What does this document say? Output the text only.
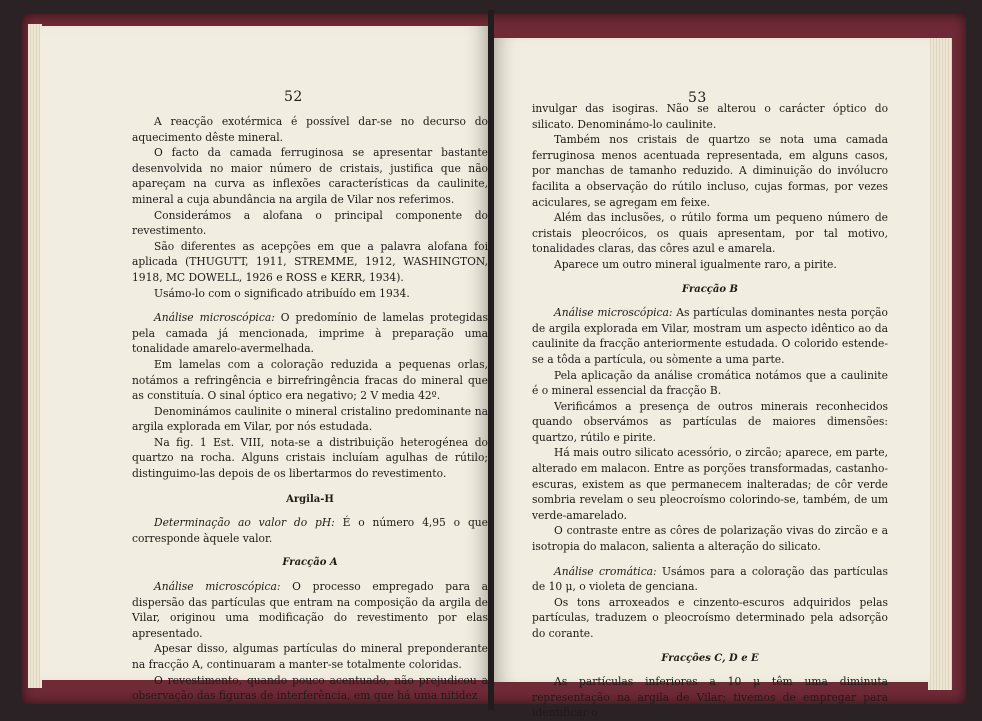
52

A reacção exotérmica é possível dar-se no decurso do aquecimento dêste mineral.

O facto da camada ferruginosa se apresentar bastante desenvolvida no maior número de cristais, justifica que não apareçam na curva as inflexões características da caulinite, mineral a cuja abundância na argila de Vilar nos referimos.

Considerámos a alofana o principal componente do revestimento.

São diferentes as acepções em que a palavra alofana foi aplicada (THUGUTT, 1911, STREMME, 1912, WASHINGTON, 1918, MC DOWELL, 1926 e ROSS e KERR, 1934).

Usámo-lo com o significado atribuído em 1934.

Análise microscópica: O predomínio de lamelas protegidas pela camada já mencionada, imprime à preparação uma tonalidade amarelo-avermelhada.

Em lamelas com a coloração reduzida a pequenas orlas, notámos a refringência e birrefringência fracas do mineral que as constituía. O sinal óptico era negativo; 2 V media 42º.

Denominámos caulinite o mineral cristalino predominante na argila explorada em Vilar, por nós estudada.

Na fig. 1 Est. VIII, nota-se a distribuição heterogénea do quartzo na rocha. Alguns cristais incluíam agulhas de rútilo; distinguimo-las depois de os libertarmos do revestimento.

Argila-H

Determinação ao valor do pH: É o número 4,95 o que corresponde àquele valor.

Fracção A

Análise microscópica: O processo empregado para a dispersão das partículas que entram na composição da argila de Vilar, originou uma modificação do revestimento por elas apresentado.

Apesar disso, algumas partículas do mineral preponderante na fracção A, continuaram a manter-se totalmente coloridas.

O revestimento, quando pouco acentuado, não prejudicou a observação das figuras de interferência, em que há uma nitidez

53

invulgar das isogiras. Não se alterou o carácter óptico do silicato. Denominámo-lo caulinite.

Também nos cristais de quartzo se nota uma camada ferruginosa menos acentuada representada, em alguns casos, por manchas de tamanho reduzido. A diminuição do invólucro facilita a observação do rútilo incluso, cujas formas, por vezes aciculares, se agregam em feixe.

Além das inclusões, o rútilo forma um pequeno número de cristais pleocróicos, os quais apresentam, por tal motivo, tonalidades claras, das côres azul e amarela.

Aparece um outro mineral igualmente raro, a pirite.

Fracção B

Análise microscópica: As partículas dominantes nesta porção de argila explorada em Vilar, mostram um aspecto idêntico ao da caulinite da fracção anteriormente estudada. O colorido estende-se a tôda a partícula, ou sòmente a uma parte.

Pela aplicação da análise cromática notámos que a caulinite é o mineral essencial da fracção B.

Verificámos a presença de outros minerais reconhecidos quando observámos as partículas de maiores dimensões: quartzo, rútilo e pirite.

Há mais outro silicato acessório, o zircão; aparece, em parte, alterado em malacon. Entre as porções transformadas, castanho-escuras, existem as que permanecem inalteradas; de côr verde sombria revelam o seu pleocroísmo colorindo-se, também, de um verde-amarelado.

O contraste entre as côres de polarização vivas do zircão e a isotropia do malacon, salienta a alteração do silicato.

Análise cromática: Usámos para a coloração das partículas de 10 μ, o violeta de genciana.

Os tons arroxeados e cinzento-escuros adquiridos pelas partículas, traduzem o pleocroísmo determinado pela adsorção do corante.

Fracções C, D e E

As partículas inferiores a 10 μ têm uma diminuta representação na argila de Vilar; tivemos de empregar para identificar o
